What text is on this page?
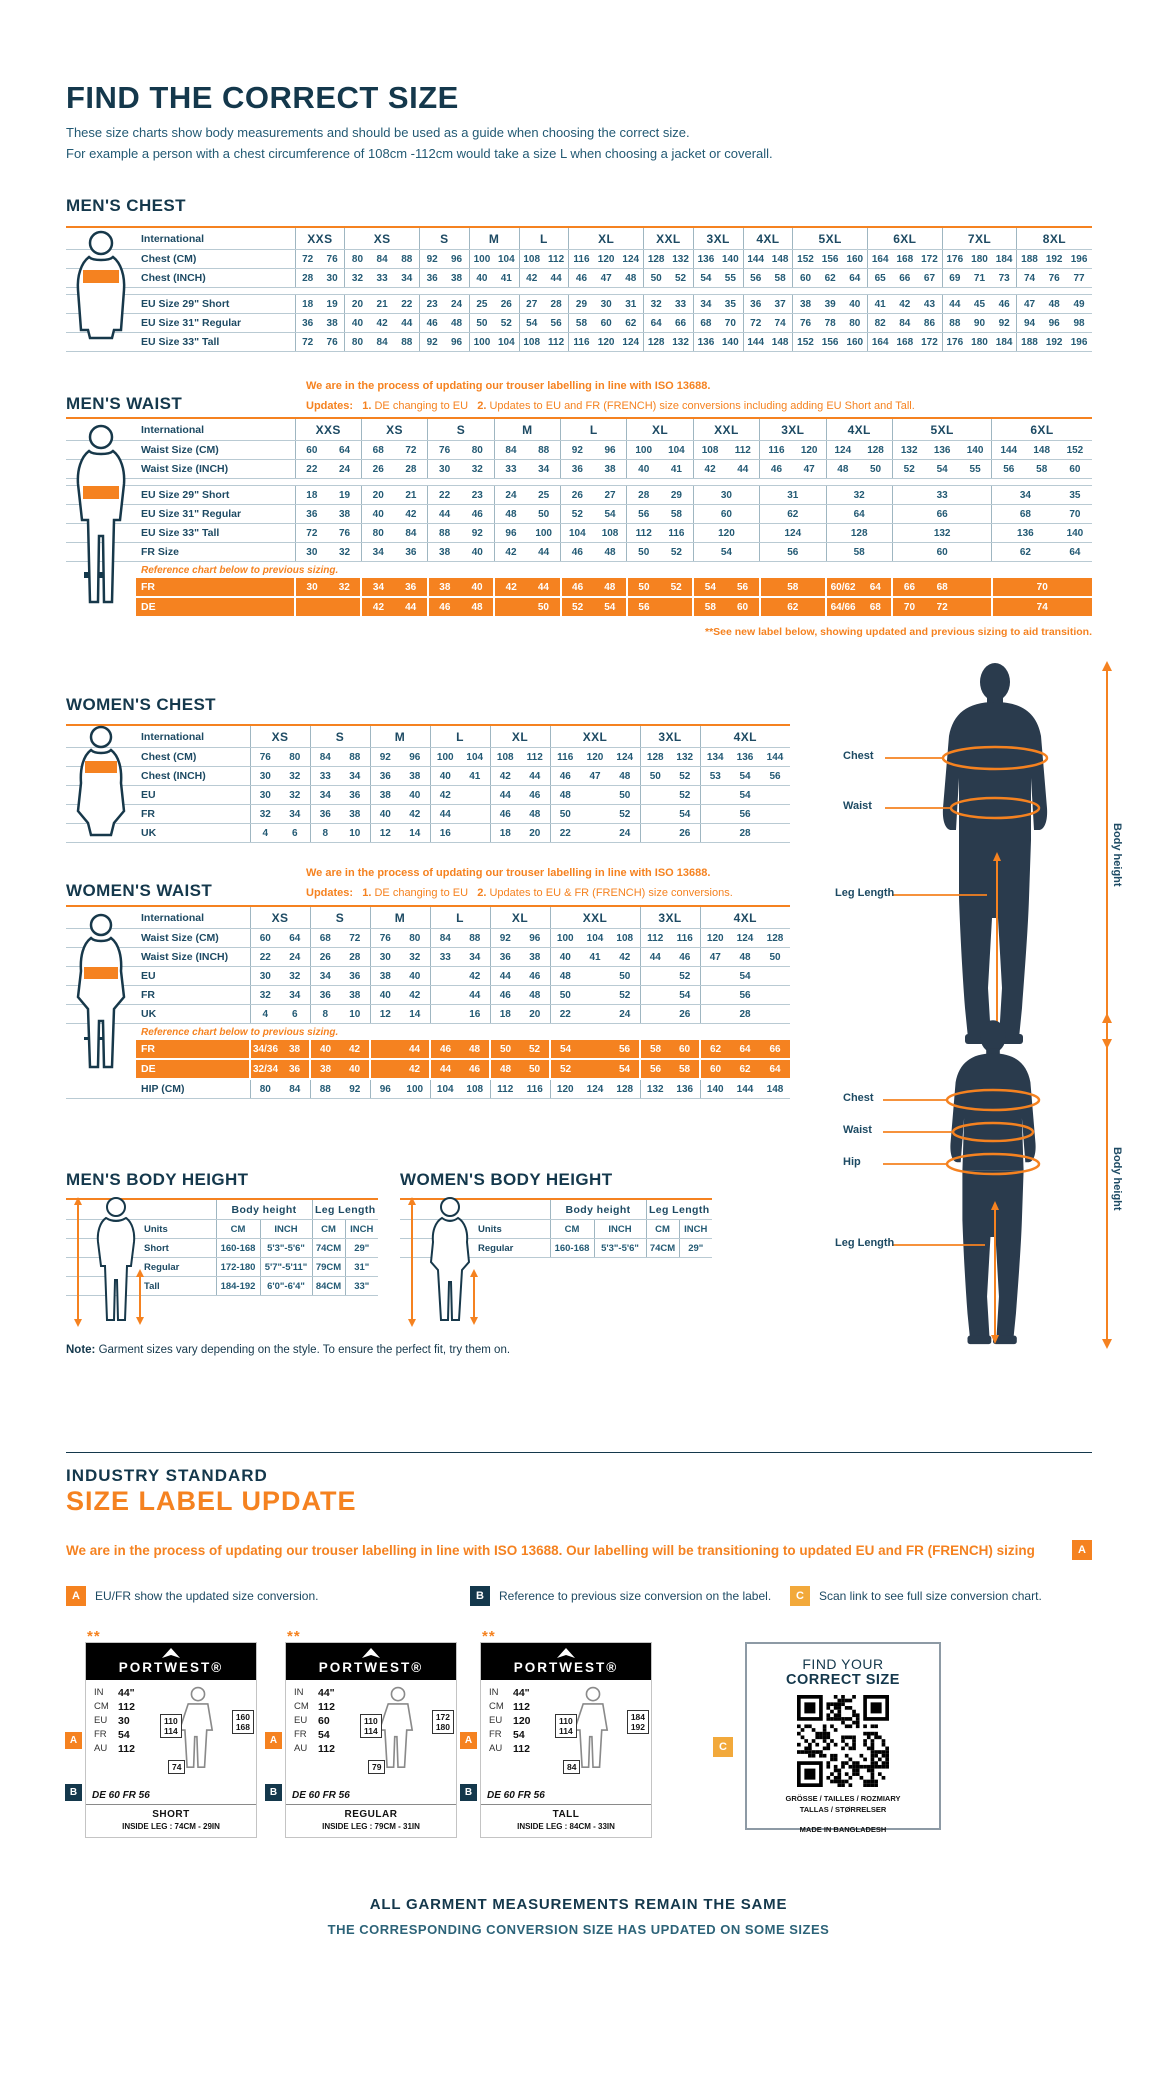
FIND THE CORRECT SIZE

These size charts show body measurements and should be used as a guide when choosing the correct size.

For example a person with a chest circumference of 108cm -112cm would take a size L when choosing a jacket or coverall.

MEN'S CHEST
International	XXS		XS			S		M		L		XL			XXL		3XL		4XL		5XL			6XL			7XL			8XL		
Chest (CM)	72	76	80	84	88	92	96	100	104	108	112	116	120	124	128	132	136	140	144	148	152	156	160	164	168	172	176	180	184	188	192	196
Chest (INCH)	28	30	32	33	34	36	38	40	41	42	44	46	47	48	50	52	54	55	56	58	60	62	64	65	66	67	69	71	73	74	76	77

EU Size 29" Short	18	19	20	21	22	23	24	25	26	27	28	29	30	31	32	33	34	35	36	37	38	39	40	41	42	43	44	45	46	47	48	49
EU Size 31" Regular	36	38	40	42	44	46	48	50	52	54	56	58	60	62	64	66	68	70	72	74	76	78	80	82	84	86	88	90	92	94	96	98
EU Size 33" Tall	72	76	80	84	88	92	96	100	104	108	112	116	120	124	128	132	136	140	144	148	152	156	160	164	168	172	176	180	184	188	192	196
MEN'S WAIST
We are in the process of updating our trouser labelling in line with ISO 13688.
Updates: 1. DE changing to EU 2. Updates to EU and FR (FRENCH) size conversions including adding EU Short and Tall.
International	XXS		XS		S		M		L		XL		XXL		3XL		4XL		5XL			6XL		
Waist Size (CM)	60	64	68	72	76	80	84	88	92	96	100	104	108	112	116	120	124	128	132	136	140	144	148	152
Waist Size (INCH)	22	24	26	28	30	32	33	34	36	38	40	41	42	44	46	47	48	50	52	54	55	56	58	60

EU Size 29" Short	18	19	20	21	22	23	24	25	26	27	28	29	30		31		32		33			34		35
EU Size 31" Regular	36	38	40	42	44	46	48	50	52	54	56	58	60		62		64		66			68		70
EU Size 33" Tall	72	76	80	84	88	92	96	100	104	108	112	116	120		124		128		132			136		140
FR Size	30	32	34	36	38	40	42	44	46	48	50	52	54		56		58		60			62		64
Reference chart below to previous sizing.																								
FR	30	32	34	36	38	40	42	44	46	48	50	52	54	56	58		60/62	64	66	68		70		
DE			42	44	46	48		50	52	54	56		58	60	62		64/66	68	70	72		74		
**See new label below, showing updated and previous sizing to aid transition.
WOMEN'S CHEST
International	XS		S		M		L		XL		XXL			3XL		4XL		
Chest (CM)	76	80	84	88	92	96	100	104	108	112	116	120	124	128	132	134	136	144
Chest (INCH)	30	32	33	34	36	38	40	41	42	44	46	47	48	50	52	53	54	56
EU	30	32	34	36	38	40	42		44	46	48		50		52		54	
FR	32	34	36	38	40	42	44		46	48	50		52		54		56	
UK	4	6	8	10	12	14	16		18	20	22		24		26		28	
WOMEN'S WAIST
We are in the process of updating our trouser labelling in line with ISO 13688.
Updates: 1. DE changing to EU 2. Updates to EU & FR (FRENCH) size conversions.
International	XS		S		M		L		XL		XXL			3XL		4XL		
Waist Size (CM)	60	64	68	72	76	80	84	88	92	96	100	104	108	112	116	120	124	128
Waist Size (INCH)	22	24	26	28	30	32	33	34	36	38	40	41	42	44	46	47	48	50
EU	30	32	34	36	38	40		42	44	46	48		50		52		54	
FR	32	34	36	38	40	42		44	46	48	50		52		54		56	
UK	4	6	8	10	12	14		16	18	20	22		24		26		28	
Reference chart below to previous sizing.																		
FR	34/36	38	40	42		44	46	48	50	52	54		56	58	60	62	64	66
DE	32/34	36	38	40		42	44	46	48	50	52		54	56	58	60	62	64
HIP (CM)	80	84	88	92	96	100	104	108	112	116	120	124	128	132	136	140	144	148
Chest
Waist
Leg Length
Body height
Chest
Waist
Hip
Leg Length
Body height
MEN'S BODY HEIGHT
	Body height		Leg Length	
Units	CM	INCH	CM	INCH
Short	160-168	5'3"-5'6"	74CM	29"
Regular	172-180	5'7"-5'11"	79CM	31"
Tall	184-192	6'0"-6'4"	84CM	33"
WOMEN'S BODY HEIGHT
	Body height		Leg Length	
Units	CM	INCH	CM	INCH
Regular	160-168	5'3"-5'6"	74CM	29"
Note: Garment sizes vary depending on the style. To ensure the perfect fit, try them on.
INDUSTRY STANDARD
SIZE LABEL UPDATE
We are in the process of updating our trouser labelling in line with ISO 13688. Our labelling will be transitioning to updated EU and FR (FRENCH) sizing	A
A	EU/FR show the updated size conversion.	B	Reference to previous size conversion on the label.	C	Scan link to see full size conversion chart.
**
PORTWEST®
IN	44"
CM 112
EU	30
FR	54
AU	112
110
114
160
168
74
A
B	DE 60 FR 56
SHORT
INSIDE LEG : 74CM - 29IN
**
PORTWEST®
IN	44"
CM 112
EU	60
FR	54
AU	112
110
114
172
180
79
A
B	DE 60 FR 56
REGULAR
INSIDE LEG : 79CM - 31IN
**
PORTWEST®
IN	44"
CM 112
EU	120
FR	54
AU	112
110
114
184
192
84
A
B	DE 60 FR 56
TALL
INSIDE LEG : 84CM - 33IN
C
FIND YOUR
CORRECT SIZE
GRÖSSE / TAILLES / ROZMIARY
TALLAS / STØRRELSER
MADE IN BANGLADESH
ALL GARMENT MEASUREMENTS REMAIN THE SAME
THE CORRESPONDING CONVERSION SIZE HAS UPDATED ON SOME SIZES
